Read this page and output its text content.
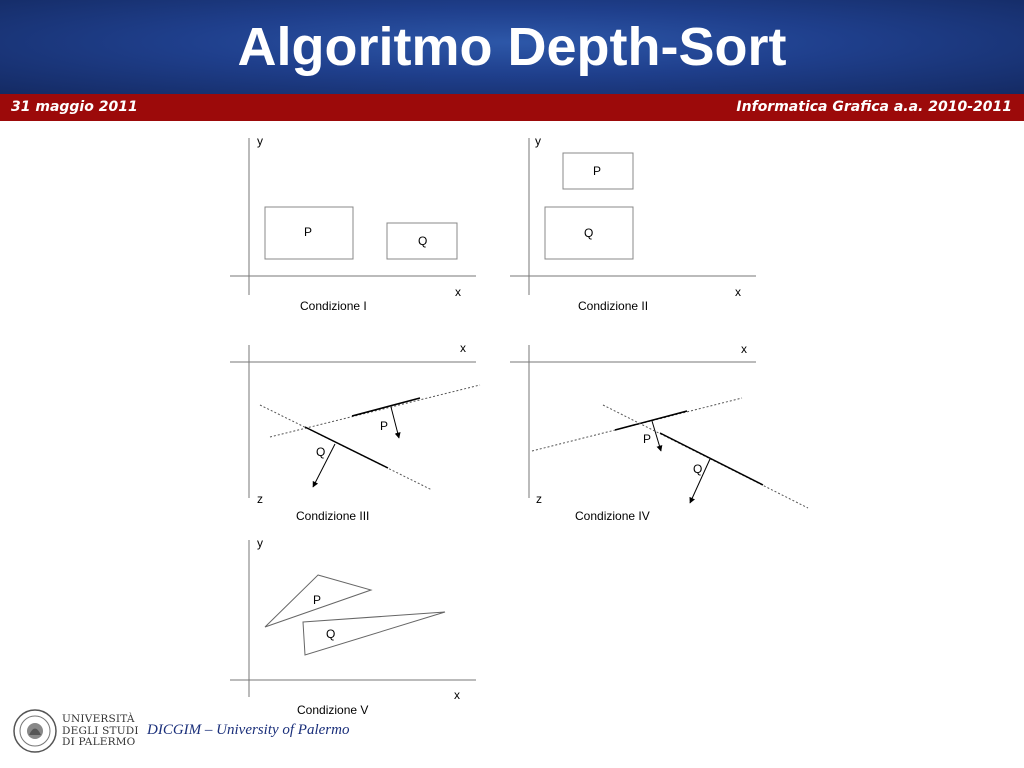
Algoritmo Depth-Sort
31 maggio 2011	Informatica Grafica a.a. 2010-2011
y
x
P
Q
Condizione I
y
x
P
Q
Condizione II
x
z
P
Q
Condizione III
x
z
P
Q
Condizione IV
y
x
P
Q
Condizione V
UNIVERSITÀ
DEGLI STUDI
DI PALERMO
DICGIM – University of Palermo
